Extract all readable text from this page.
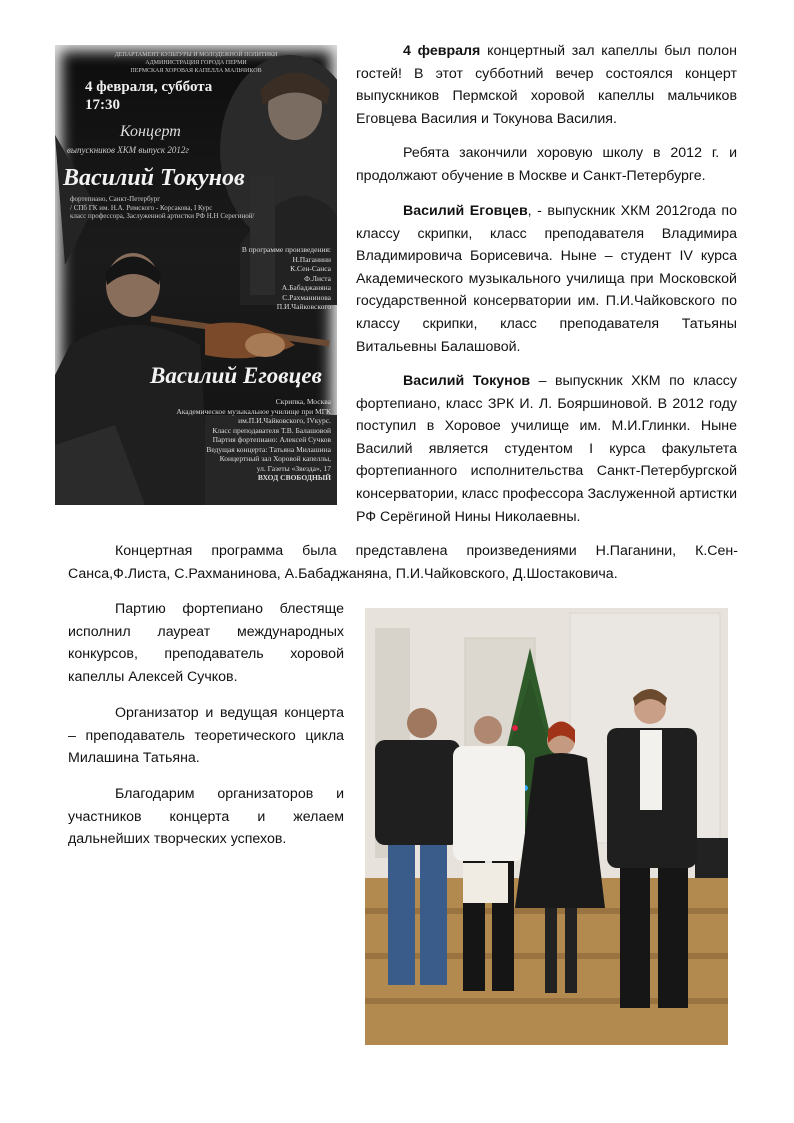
ДЕПАРТАМЕНТ КУЛЬТУРЫ И МОЛОДЕЖНОЙ ПОЛИТИКИ
АДМИНИСТРАЦИЯ ГОРОДА ПЕРМИ
ПЕРМСКАЯ ХОРОВАЯ КАПЕЛЛА МАЛЬЧИКОВ
4 февраля, суббота
17:30
Концерт
выпускников ХКМ выпуск 2012г
Василий Токунов
фортепиано, Санкт-Петербург
/ СПб ГК им. Н.А. Римского - Корсакова, I Курс
класс профессора, Заслуженной артистки РФ Н.Н Серегиной/
В программе произведения:
Н.Паганини
К.Сен-Санса
Ф.Листа
А.Бабаджаняна
С.Рахманинова
П.И.Чайковского
Василий Еговцев
Скрипка, Москва
Академическое музыкальное училище при МГК
им.П.И.Чайковского, IVкурс.
Класс преподавателя Т.В. Балашовой
Партия фортепиано: Алексей Сучков
Ведущая концерта: Татьяна Милашина
Концертный зал Хоровой капеллы,
ул. Газеты «Звезда», 17
ВХОД СВОБОДНЫЙ

4 февраля концертный зал капеллы был полон гостей! В этот субботний вечер состоялся концерт выпускников Пермской хоровой капеллы мальчиков Еговцева Василия и Токунова Василия.

Ребята закончили хоровую школу в 2012 г. и продолжают обучение в Москве и Санкт-Петербурге.

Василий Еговцев, - выпускник ХКМ 2012года по классу скрипки, класс преподавателя Владимира Владимировича Борисевича. Ныне – студент IV курса Академического музыкального училища при Московской государственной консерватории им. П.И.Чайковского по классу скрипки, класс преподавателя Татьяны Витальевны Балашовой.

Василий Токунов – выпускник ХКМ по классу фортепиано, класс ЗРК И. Л. Бояршиновой. В 2012 году поступил в Хоровое училище им. М.И.Глинки. Ныне Василий является студентом I курса факультета фортепианного исполнительства Санкт-Петербургской консерватории, класс профессора Заслуженной артистки РФ Серёгиной Нины Николаевны.

Концертная программа была представлена произведениями Н.Паганини, К.Сен-Санса,Ф.Листа, С.Рахманинова, А.Бабаджаняна, П.И.Чайковского, Д.Шостаковича.

Партию фортепиано блестяще исполнил лауреат международных конкурсов, преподаватель хоровой капеллы Алексей Сучков.

Организатор и ведущая концерта – преподаватель теоретического цикла Милашина Татьяна.

Благодарим организаторов и участников концерта и желаем дальнейших творческих успехов.
